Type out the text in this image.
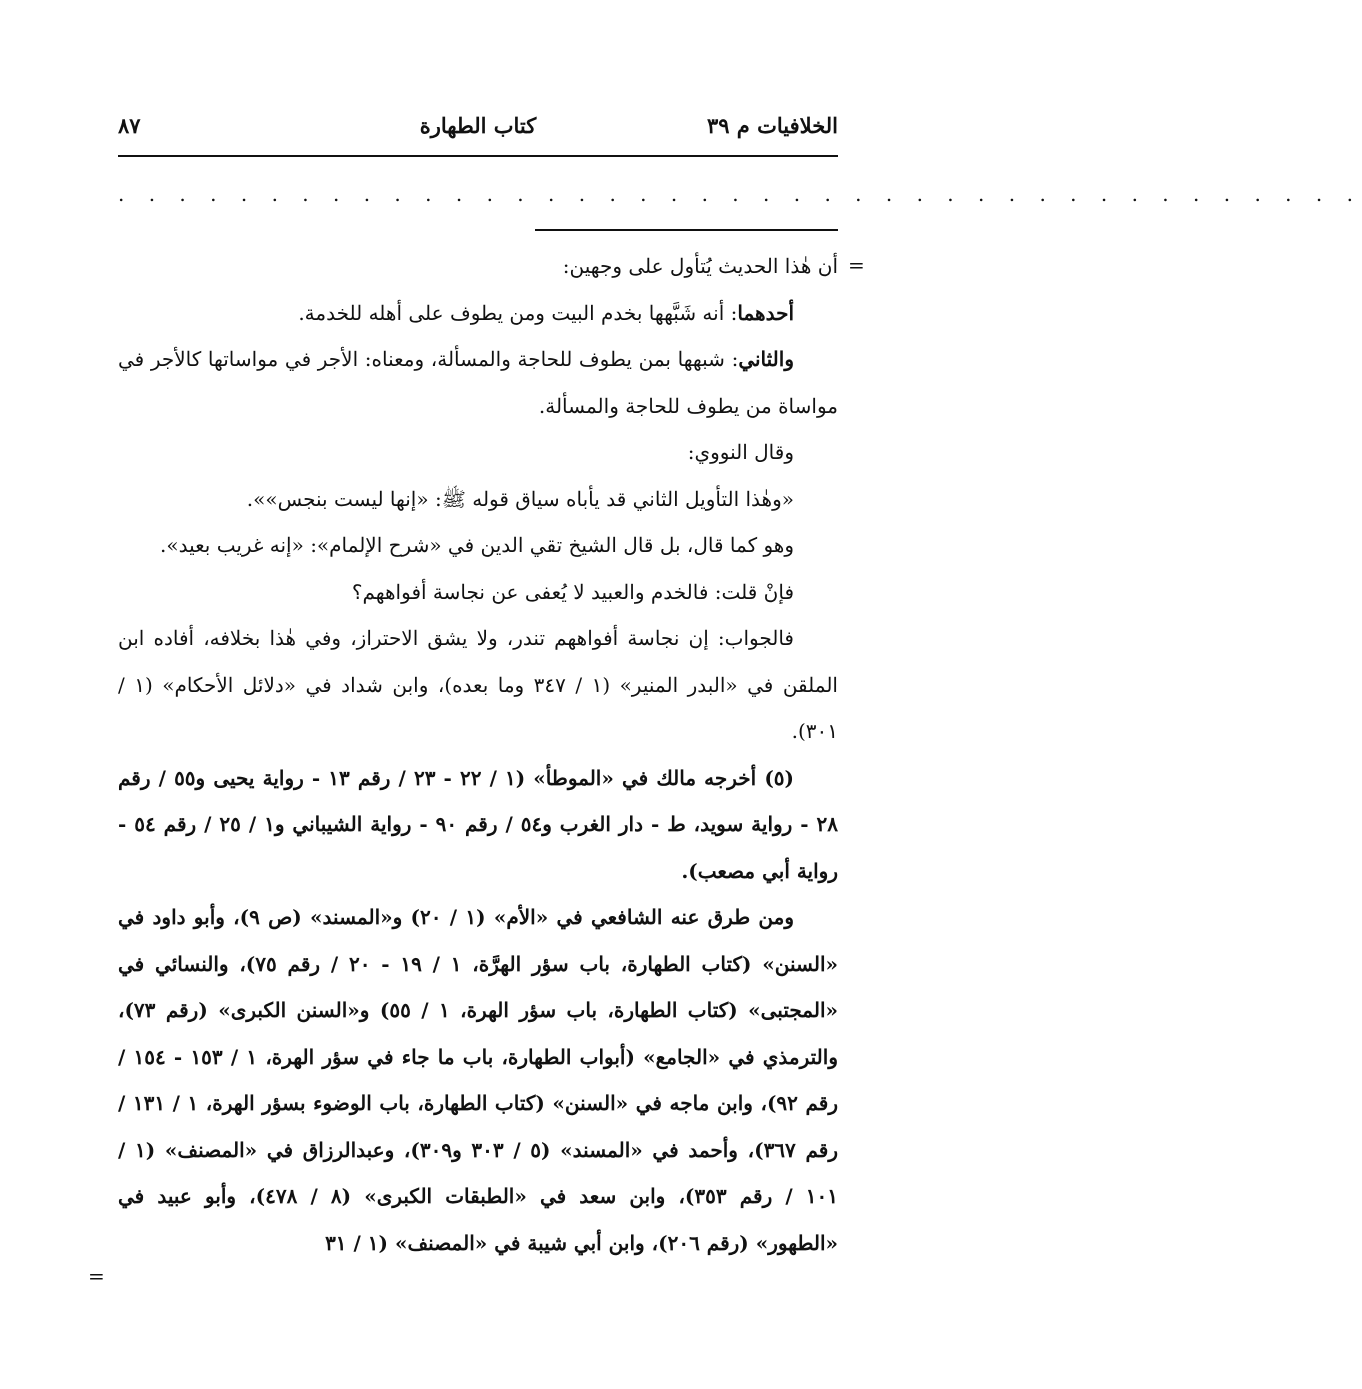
الخلافيات م ٣٩
كتاب الطهارة
٨٧
. . . . . . . . . . . . . . . . . . . . . . . . . . . . . . . . . . . . . . . . .
=
=

أن هٰذا الحديث يُتأول على وجهين:

أحدهما: أنه شَبَّهها بخدم البيت ومن يطوف على أهله للخدمة.

والثاني: شبهها بمن يطوف للحاجة والمسألة، ومعناه: الأجر في مواساتها كالأجر في مواساة من يطوف للحاجة والمسألة.

وقال النووي:

«وهٰذا التأويل الثاني قد يأباه سياق قوله ﷺ: «إنها ليست بنجس»».

وهو كما قال، بل قال الشيخ تقي الدين في «شرح الإلمام»: «إنه غريب بعيد».

فإنْ قلت: فالخدم والعبيد لا يُعفى عن نجاسة أفواههم؟

فالجواب: إن نجاسة أفواههم تندر، ولا يشق الاحتراز، وفي هٰذا بخلافه، أفاده ابن الملقن في «البدر المنير» (١ / ٣٤٧ وما بعده)، وابن شداد في «دلائل الأحكام» (١ / ٣٠١).

(٥) أخرجه مالك في «الموطأ» (١ / ٢٢ - ٢٣ / رقم ١٣ - رواية يحيى و٥٥ / رقم ٢٨ - رواية سويد، ط - دار الغرب و٥٤ / رقم ٩٠ - رواية الشيباني و١ / ٢٥ / رقم ٥٤ - رواية أبي مصعب).

ومن طرق عنه الشافعي في «الأم» (١ / ٢٠) و«المسند» (ص ٩)، وأبو داود في «السنن» (كتاب الطهارة، باب سؤر الهرَّة، ١ / ١٩ - ٢٠ / رقم ٧٥)، والنسائي في «المجتبى» (كتاب الطهارة، باب سؤر الهرة، ١ / ٥٥) و«السنن الكبرى» (رقم ٧٣)، والترمذي في «الجامع» (أبواب الطهارة، باب ما جاء في سؤر الهرة، ١ / ١٥٣ - ١٥٤ / رقم ٩٢)، وابن ماجه في «السنن» (كتاب الطهارة، باب الوضوء بسؤر الهرة، ١ / ١٣١ / رقم ٣٦٧)، وأحمد في «المسند» (٥ / ٣٠٣ و٣٠٩)، وعبدالرزاق في «المصنف» (١ / ١٠١ / رقم ٣٥٣)، وابن سعد في «الطبقات الكبرى» (٨ / ٤٧٨)، وأبو عبيد في «الطهور» (رقم ٢٠٦)، وابن أبي شيبة في «المصنف» (١ / ٣١
